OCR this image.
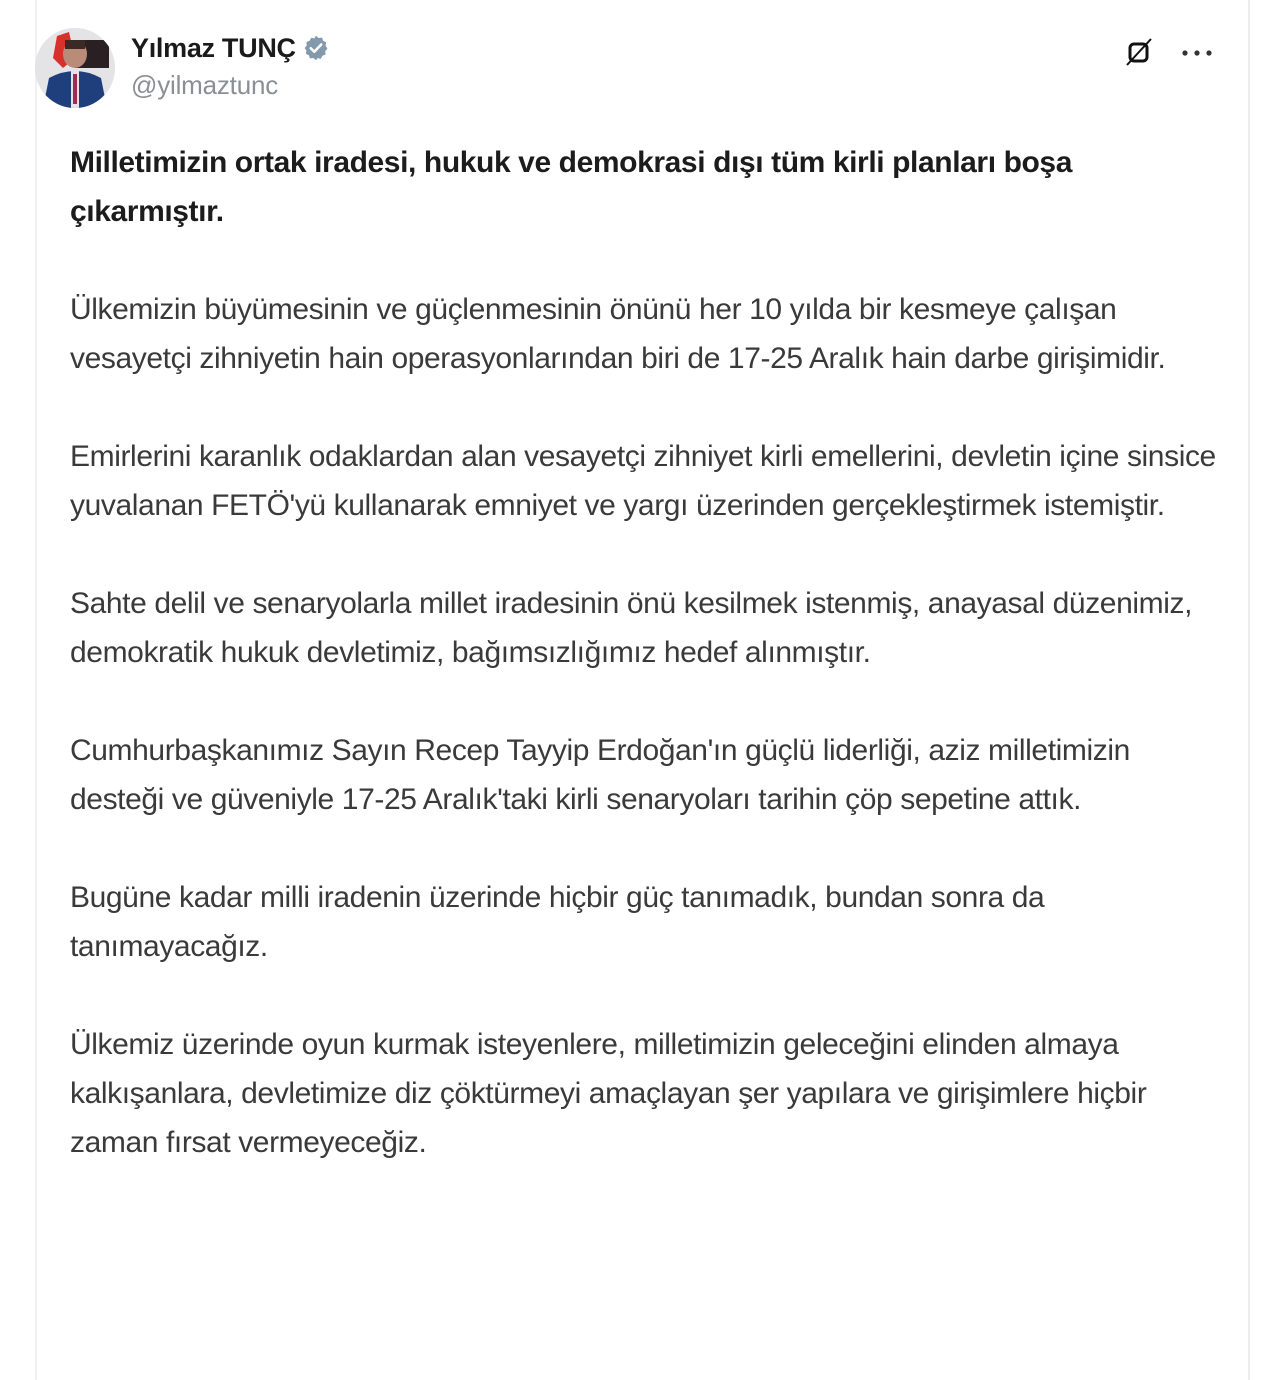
Yılmaz TUNÇ
@yilmaztunc

Milletimizin ortak iradesi, hukuk ve demokrasi dışı tüm kirli planları boşa çıkarmıştır.

Ülkemizin büyümesinin ve güçlenmesinin önünü her 10 yılda bir kesmeye çalışan vesayetçi zihniyetin hain operasyonlarından biri de 17-25 Aralık hain darbe girişimidir.

Emirlerini karanlık odaklardan alan vesayetçi zihniyet kirli emellerini, devletin içine sinsice yuvalanan FETÖ'yü kullanarak emniyet ve yargı üzerinden gerçekleştirmek istemiştir.

Sahte delil ve senaryolarla millet iradesinin önü kesilmek istenmiş, anayasal düzenimiz, demokratik hukuk devletimiz, bağımsızlığımız hedef alınmıştır.

Cumhurbaşkanımız Sayın Recep Tayyip Erdoğan'ın güçlü liderliği, aziz milletimizin desteği ve güveniyle 17-25 Aralık'taki kirli senaryoları tarihin çöp sepetine attık.

Bugüne kadar milli iradenin üzerinde hiçbir güç tanımadık, bundan sonra da tanımayacağız.

Ülkemiz üzerinde oyun kurmak isteyenlere, milletimizin geleceğini elinden almaya kalkışanlara, devletimize diz çöktürmeyi amaçlayan şer yapılara ve girişimlere hiçbir zaman fırsat vermeyeceğiz.
